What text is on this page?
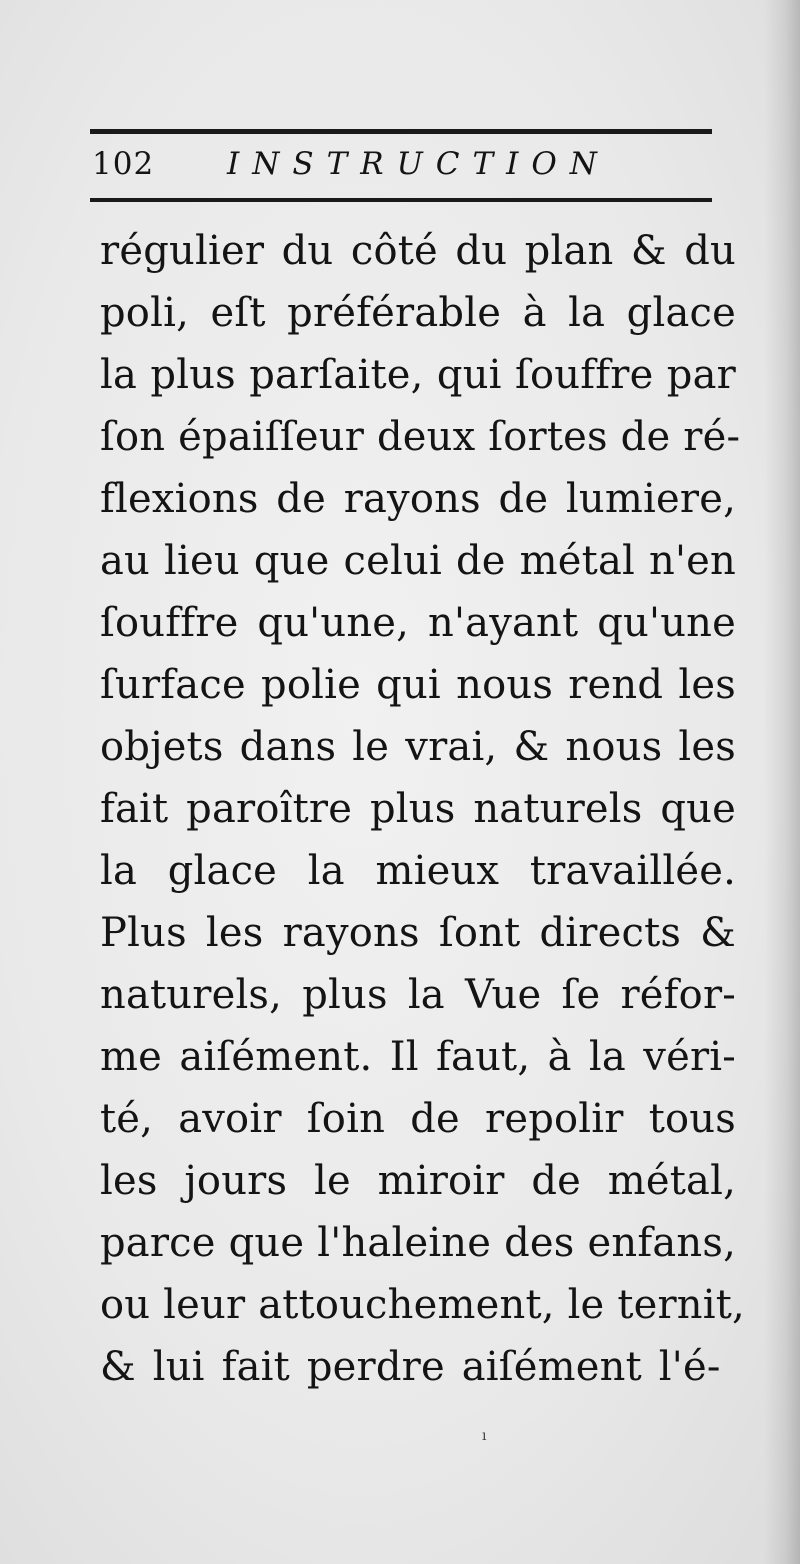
102 INSTRUCTION
régulier du côté du plan & du
poli, eſt préférable à la glace
la plus parſaite, qui ſouffre par
ſon épaiſſeur deux ſortes de ré-
flexions de rayons de lumiere,
au lieu que celui de métal n'en
ſouffre qu'une, n'ayant qu'une
ſurface polie qui nous rend les
objets dans le vrai, & nous les
fait paroître plus naturels que
la glace la mieux travaillée.
Plus les rayons ſont directs &
naturels, plus la Vue ſe réfor-
me aiſément. Il faut, à la véri-
té, avoir ſoin de repolir tous
les jours le miroir de métal,
parce que l'haleine des enfans,
ou leur attouchement, le ternit,
& lui fait perdre aiſément l'é-
ı
